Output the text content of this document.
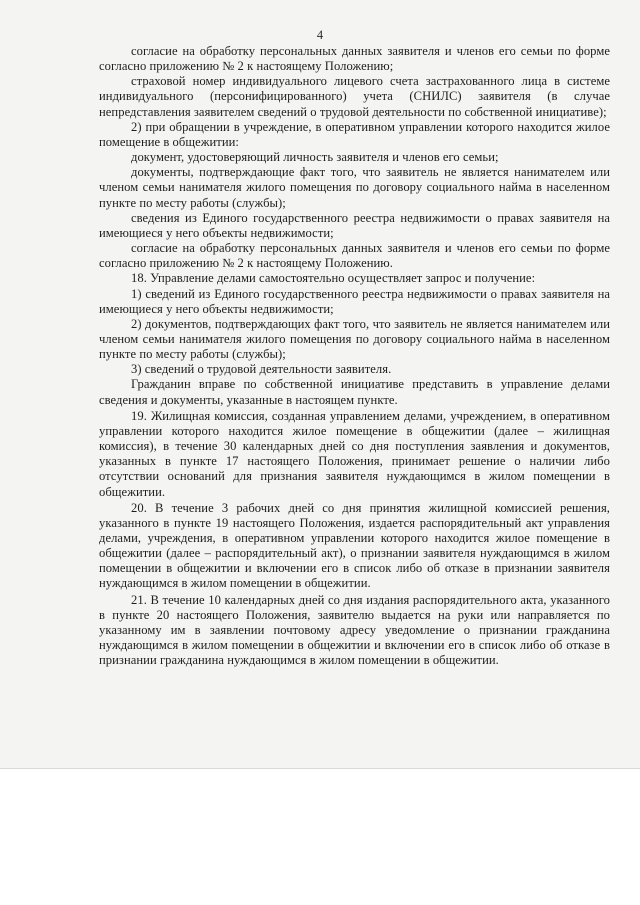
4

согласие на обработку персональных данных заявителя и членов его семьи по форме согласно приложению № 2 к настоящему Положению;

страховой номер индивидуального лицевого счета застрахованного лица в системе индивидуального (персонифицированного) учета (СНИЛС) заявителя (в случае непредставления заявителем сведений о трудовой деятельности по собственной инициативе);

2) при обращении в учреждение, в оперативном управлении которого находится жилое помещение в общежитии:

документ, удостоверяющий личность заявителя и членов его семьи;

документы, подтверждающие факт того, что заявитель не является нанимателем или членом семьи нанимателя жилого помещения по договору социального найма в населенном пункте по месту работы (службы);

сведения из Единого государственного реестра недвижимости о правах заявителя на имеющиеся у него объекты недвижимости;

согласие на обработку персональных данных заявителя и членов его семьи по форме согласно приложению № 2 к настоящему Положению.

18. Управление делами самостоятельно осуществляет запрос и получение:

1) сведений из Единого государственного реестра недвижимости о правах заявителя на имеющиеся у него объекты недвижимости;

2) документов, подтверждающих факт того, что заявитель не является нанимателем или членом семьи нанимателя жилого помещения по договору социального найма в населенном пункте по месту работы (службы);

3) сведений о трудовой деятельности заявителя.

Гражданин вправе по собственной инициативе представить в управление делами сведения и документы, указанные в настоящем пункте.

19. Жилищная комиссия, созданная управлением делами, учреждением, в оперативном управлении которого находится жилое помещение в общежитии (далее – жилищная комиссия), в течение 30 календарных дней со дня поступления заявления и документов, указанных в пункте 17 настоящего Положения, принимает решение о наличии либо отсутствии оснований для признания заявителя нуждающимся в жилом помещении в общежитии.

20. В течение 3 рабочих дней со дня принятия жилищной комиссией решения, указанного в пункте 19 настоящего Положения, издается распорядительный акт управления делами, учреждения, в оперативном управлении которого находится жилое помещение в общежитии (далее – распорядительный акт), о признании заявителя нуждающимся в жилом помещении в общежитии и включении его в список либо об отказе в признании заявителя нуждающимся в жилом помещении в общежитии.

21. В течение 10 календарных дней со дня издания распорядительного акта, указанного в пункте 20 настоящего Положения, заявителю выдается на руки или направляется по указанному им в заявлении почтовому адресу уведомление о признании гражданина нуждающимся в жилом помещении в общежитии и включении его в список либо об отказе в признании гражданина нуждающимся в жилом помещении в общежитии.
